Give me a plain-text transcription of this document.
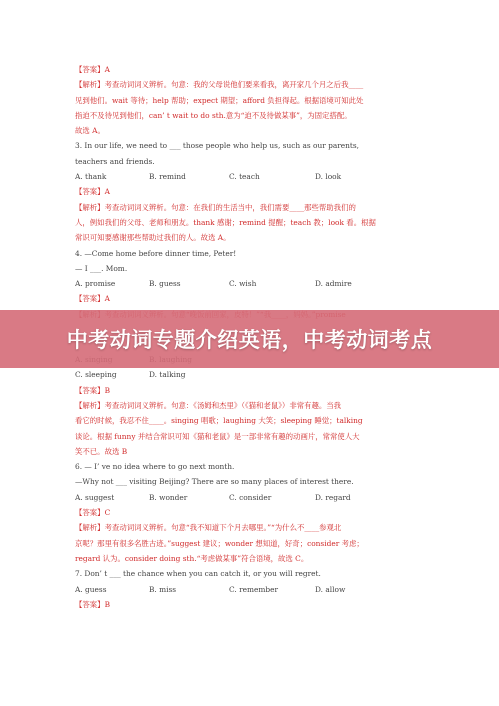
【答案】A
【解析】考查动词词义辨析。句意：我的父母说他们要来看我，离开家几个月之后我____
见到他们。wait 等待；help 帮助；expect 期望；afford 负担得起。根据语境可知此处
指迫不及待见到他们，can’ t wait to do sth.意为“迫不及待做某事”，为固定搭配。
故选 A。
3. In our life, we need to ___ those people who help us, such as our parents,
teachers and friends.
A. thank	B. remind	C. teach	D. look
【答案】A
【解析】考查动词词义辨析。句意：在我们的生活当中，我们需要____那些帮助我们的
人，例如我们的父母、老师和朋友。thank 感谢；remind 提醒；teach 教；look 看。根据
常识可知要感谢那些帮助过我们的人。故选 A。
4. —Come home before dinner time, Peter!
— I ___. Mom.
A. promise	B. guess	C. wish	D. admire
【答案】A
C. sleeping	D. talking
【答案】B
【解析】考查动词词义辨析。句意：《汤姆和杰里》（《猫和老鼠》）非常有趣。当我
看它的时候，我忍不住____。singing 唱歌；laughing 大笑；sleeping 睡觉；talking
谈论。根据 funny 并结合常识可知《猫和老鼠》是一部非常有趣的动画片，常常使人大
笑不已。故选 B
6. — I’ ve no idea where to go next month.
—Why not ___ visiting Beijing? There are so many places of interest there.
A. suggest	B. wonder	C. consider	D. regard
【答案】C
【解析】考查动词词义辨析。句意“我不知道下个月去哪里。”“为什么不____参观北
京呢？那里有很多名胜古迹。”suggest 建议；wonder 想知道，好奇；consider 考虑；
regard 认为。consider doing sth.“考虑做某事”符合语境，故选 C。
7. Don’ t ___ the chance when you can catch it, or you will regret.
A. guess	B. miss	C. remember	D. allow
【答案】B
中考动词专题介绍英语，中考动词考点
